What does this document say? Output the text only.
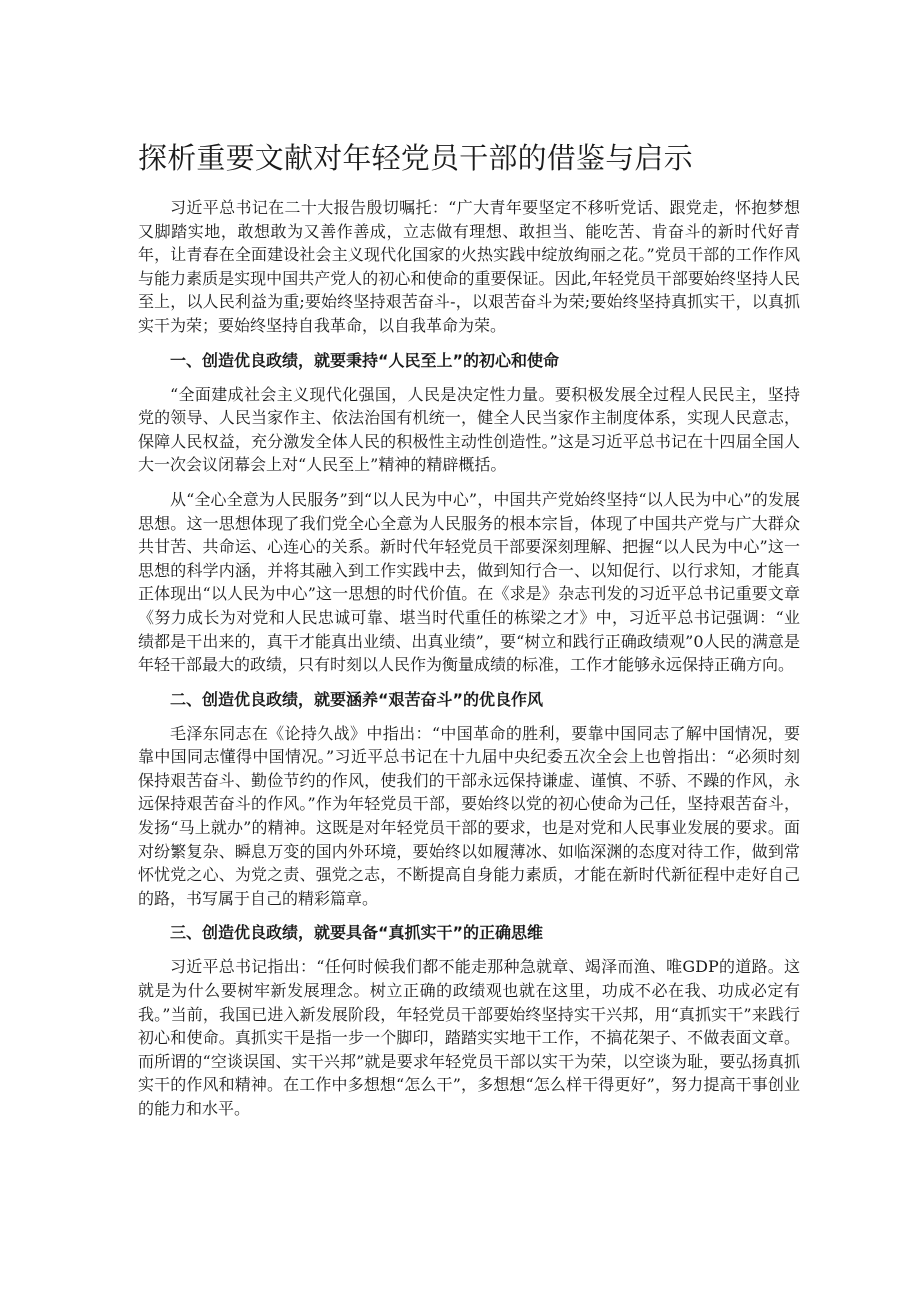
探析重要文献对年轻党员干部的借鉴与启示

习近平总书记在二十大报告殷切嘱托：“广大青年要坚定不移听党话、跟党走，怀抱梦想又脚踏实地，敢想敢为又善作善成，立志做有理想、敢担当、能吃苦、肯奋斗的新时代好青年，让青春在全面建设社会主义现代化国家的火热实践中绽放绚丽之花。”党员干部的工作作风与能力素质是实现中国共产党人的初心和使命的重要保证。因此,年轻党员干部要始终坚持人民至上，以人民利益为重;要始终坚持艰苦奋斗-，以艰苦奋斗为荣;要始终坚持真抓实干，以真抓实干为荣；要始终坚持自我革命，以自我革命为荣。

一、创造优良政绩，就要秉持“人民至上”的初心和使命

“全面建成社会主义现代化强国，人民是决定性力量。要积极发展全过程人民民主，坚持党的领导、人民当家作主、依法治国有机统一，健全人民当家作主制度体系，实现人民意志，保障人民权益，充分激发全体人民的积极性主动性创造性。”这是习近平总书记在十四届全国人大一次会议闭幕会上对“人民至上”精神的精辟概括。

从“全心全意为人民服务”到“以人民为中心”，中国共产党始终坚持“以人民为中心”的发展思想。这一思想体现了我们党全心全意为人民服务的根本宗旨，体现了中国共产党与广大群众共甘苦、共命运、心连心的关系。新时代年轻党员干部要深刻理解、把握“以人民为中心”这一思想的科学内涵，并将其融入到工作实践中去，做到知行合一、以知促行、以行求知，才能真正体现出“以人民为中心”这一思想的时代价值。在《求是》杂志刊发的习近平总书记重要文章《努力成长为对党和人民忠诚可靠、堪当时代重任的栋梁之才》中，习近平总书记强调：“业绩都是干出来的，真干才能真出业绩、出真业绩”，要“树立和践行正确政绩观”0人民的满意是年轻干部最大的政绩，只有时刻以人民作为衡量成绩的标准，工作才能够永远保持正确方向。

二、创造优良政绩，就要涵养“艰苦奋斗”的优良作风

毛泽东同志在《论持久战》中指出：“中国革命的胜利，要靠中国同志了解中国情况，要靠中国同志懂得中国情况。”习近平总书记在十九届中央纪委五次全会上也曾指出：“必须时刻保持艰苦奋斗、勤俭节约的作风，使我们的干部永远保持谦虚、谨慎、不骄、不躁的作风，永远保持艰苦奋斗的作风。”作为年轻党员干部，要始终以党的初心使命为己任，坚持艰苦奋斗，发扬“马上就办”的精神。这既是对年轻党员干部的要求，也是对党和人民事业发展的要求。面对纷繁复杂、瞬息万变的国内外环境，要始终以如履薄冰、如临深渊的态度对待工作，做到常怀忧党之心、为党之责、强党之志，不断提高自身能力素质，才能在新时代新征程中走好自己的路，书写属于自己的精彩篇章。

三、创造优良政绩，就要具备“真抓实干”的正确思维

习近平总书记指出：“任何时候我们都不能走那种急就章、竭泽而渔、唯GDP的道路。这就是为什么要树牢新发展理念。树立正确的政绩观也就在这里，功成不必在我、功成必定有我。”当前，我国已进入新发展阶段，年轻党员干部要始终坚持实干兴邦，用“真抓实干”来践行初心和使命。真抓实干是指一步一个脚印，踏踏实实地干工作，不搞花架子、不做表面文章。而所谓的“空谈误国、实干兴邦”就是要求年轻党员干部以实干为荣，以空谈为耻，要弘扬真抓实干的作风和精神。在工作中多想想“怎么干”，多想想“怎么样干得更好”，努力提高干事创业的能力和水平。
